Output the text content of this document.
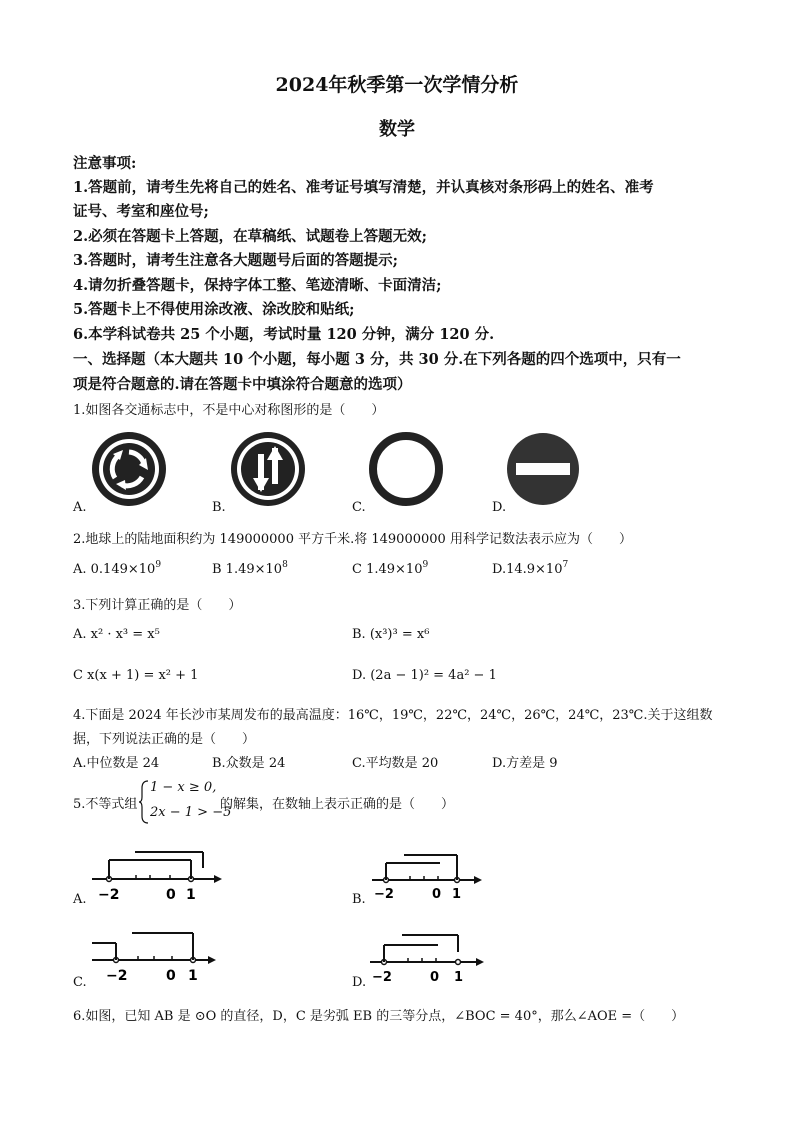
2024年秋季第一次学情分析
数学
注意事项:
1.答题前，请考生先将自己的姓名、准考证号填写清楚，并认真核对条形码上的姓名、准考
证号、考室和座位号;
2.必须在答题卡上答题，在草稿纸、试题卷上答题无效;
3.答题时，请考生注意各大题题号后面的答题提示;
4.请勿折叠答题卡，保持字体工整、笔迹清晰、卡面清洁;
5.答题卡上不得使用涂改液、涂改胶和贴纸;
6.本学科试卷共 25 个小题，考试时量 120 分钟，满分 120 分.
一、选择题（本大题共 10 个小题，每小题 3 分，共 30 分.在下列各题的四个选项中，只有一
项是符合题意的.请在答题卡中填涂符合题意的选项）
1.如图各交通标志中，不是中心对称图形的是（　　）
A.	B.	C.	D.
2.地球上的陆地面积约为 149000000 平方千米.将 149000000 用科学记数法表示应为（　　）
A. $0.149\times 10^9$	B $1.49\times 10^8$	C $1.49\times 10^9$	$D.14.9\times 10^7$
3.下列计算正确的是（　　）
A. x² · x³ = x⁵	B. (x³)³ = x⁶
C x(x + 1) = x² + 1	D. (2a − 1)² = 4a² − 1
4.下面是 2024 年长沙市某周发布的最高温度：16℃，19℃，22℃，24℃，26℃，24℃，23℃.关于这组数
据，下列说法正确的是（　　）
A.中位数是 24	B.众数是 24	C.平均数是 20	D.方差是 9
5.不等式组
1 − x ≥ 0,
2x − 1 > −5
的解集，在数轴上表示正确的是（　　）
−2	0 1
A.	−2	0 1
B.
−2	0 1
C.	−2	0 1
D.
6.如图，已知 AB 是 ⊙O 的直径，D，C 是劣弧 EB 的三等分点，∠BOC = 40°，那么∠AOE =（　　）
